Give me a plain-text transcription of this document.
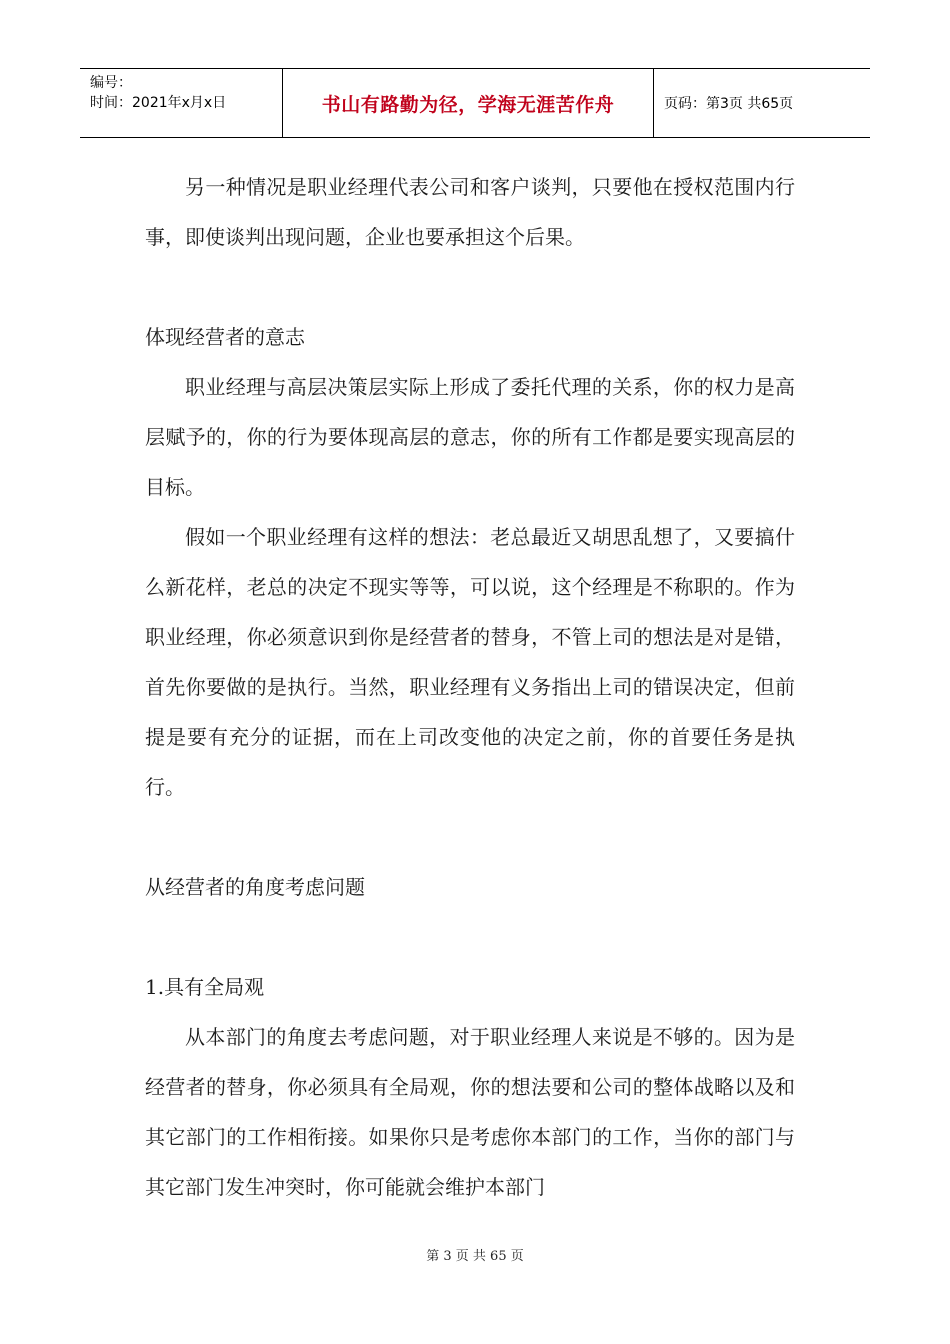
编号：
时间：2021年x月x日	书山有路勤为径，学海无涯苦作舟	页码：第3页 共65页

另一种情况是职业经理代表公司和客户谈判，只要他在授权范围内行事，即使谈判出现问题，企业也要承担这个后果。

体现经营者的意志

职业经理与高层决策层实际上形成了委托代理的关系，你的权力是高层赋予的，你的行为要体现高层的意志，你的所有工作都是要实现高层的目标。

假如一个职业经理有这样的想法：老总最近又胡思乱想了，又要搞什么新花样，老总的决定不现实等等，可以说，这个经理是不称职的。作为职业经理，你必须意识到你是经营者的替身，不管上司的想法是对是错，首先你要做的是执行。当然，职业经理有义务指出上司的错误决定，但前提是要有充分的证据，而在上司改变他的决定之前，你的首要任务是执行。

从经营者的角度考虑问题

1.具有全局观

从本部门的角度去考虑问题，对于职业经理人来说是不够的。因为是经营者的替身，你必须具有全局观，你的想法要和公司的整体战略以及和其它部门的工作相衔接。如果你只是考虑你本部门的工作，当你的部门与其它部门发生冲突时，你可能就会维护本部门

第 3 页 共 65 页
